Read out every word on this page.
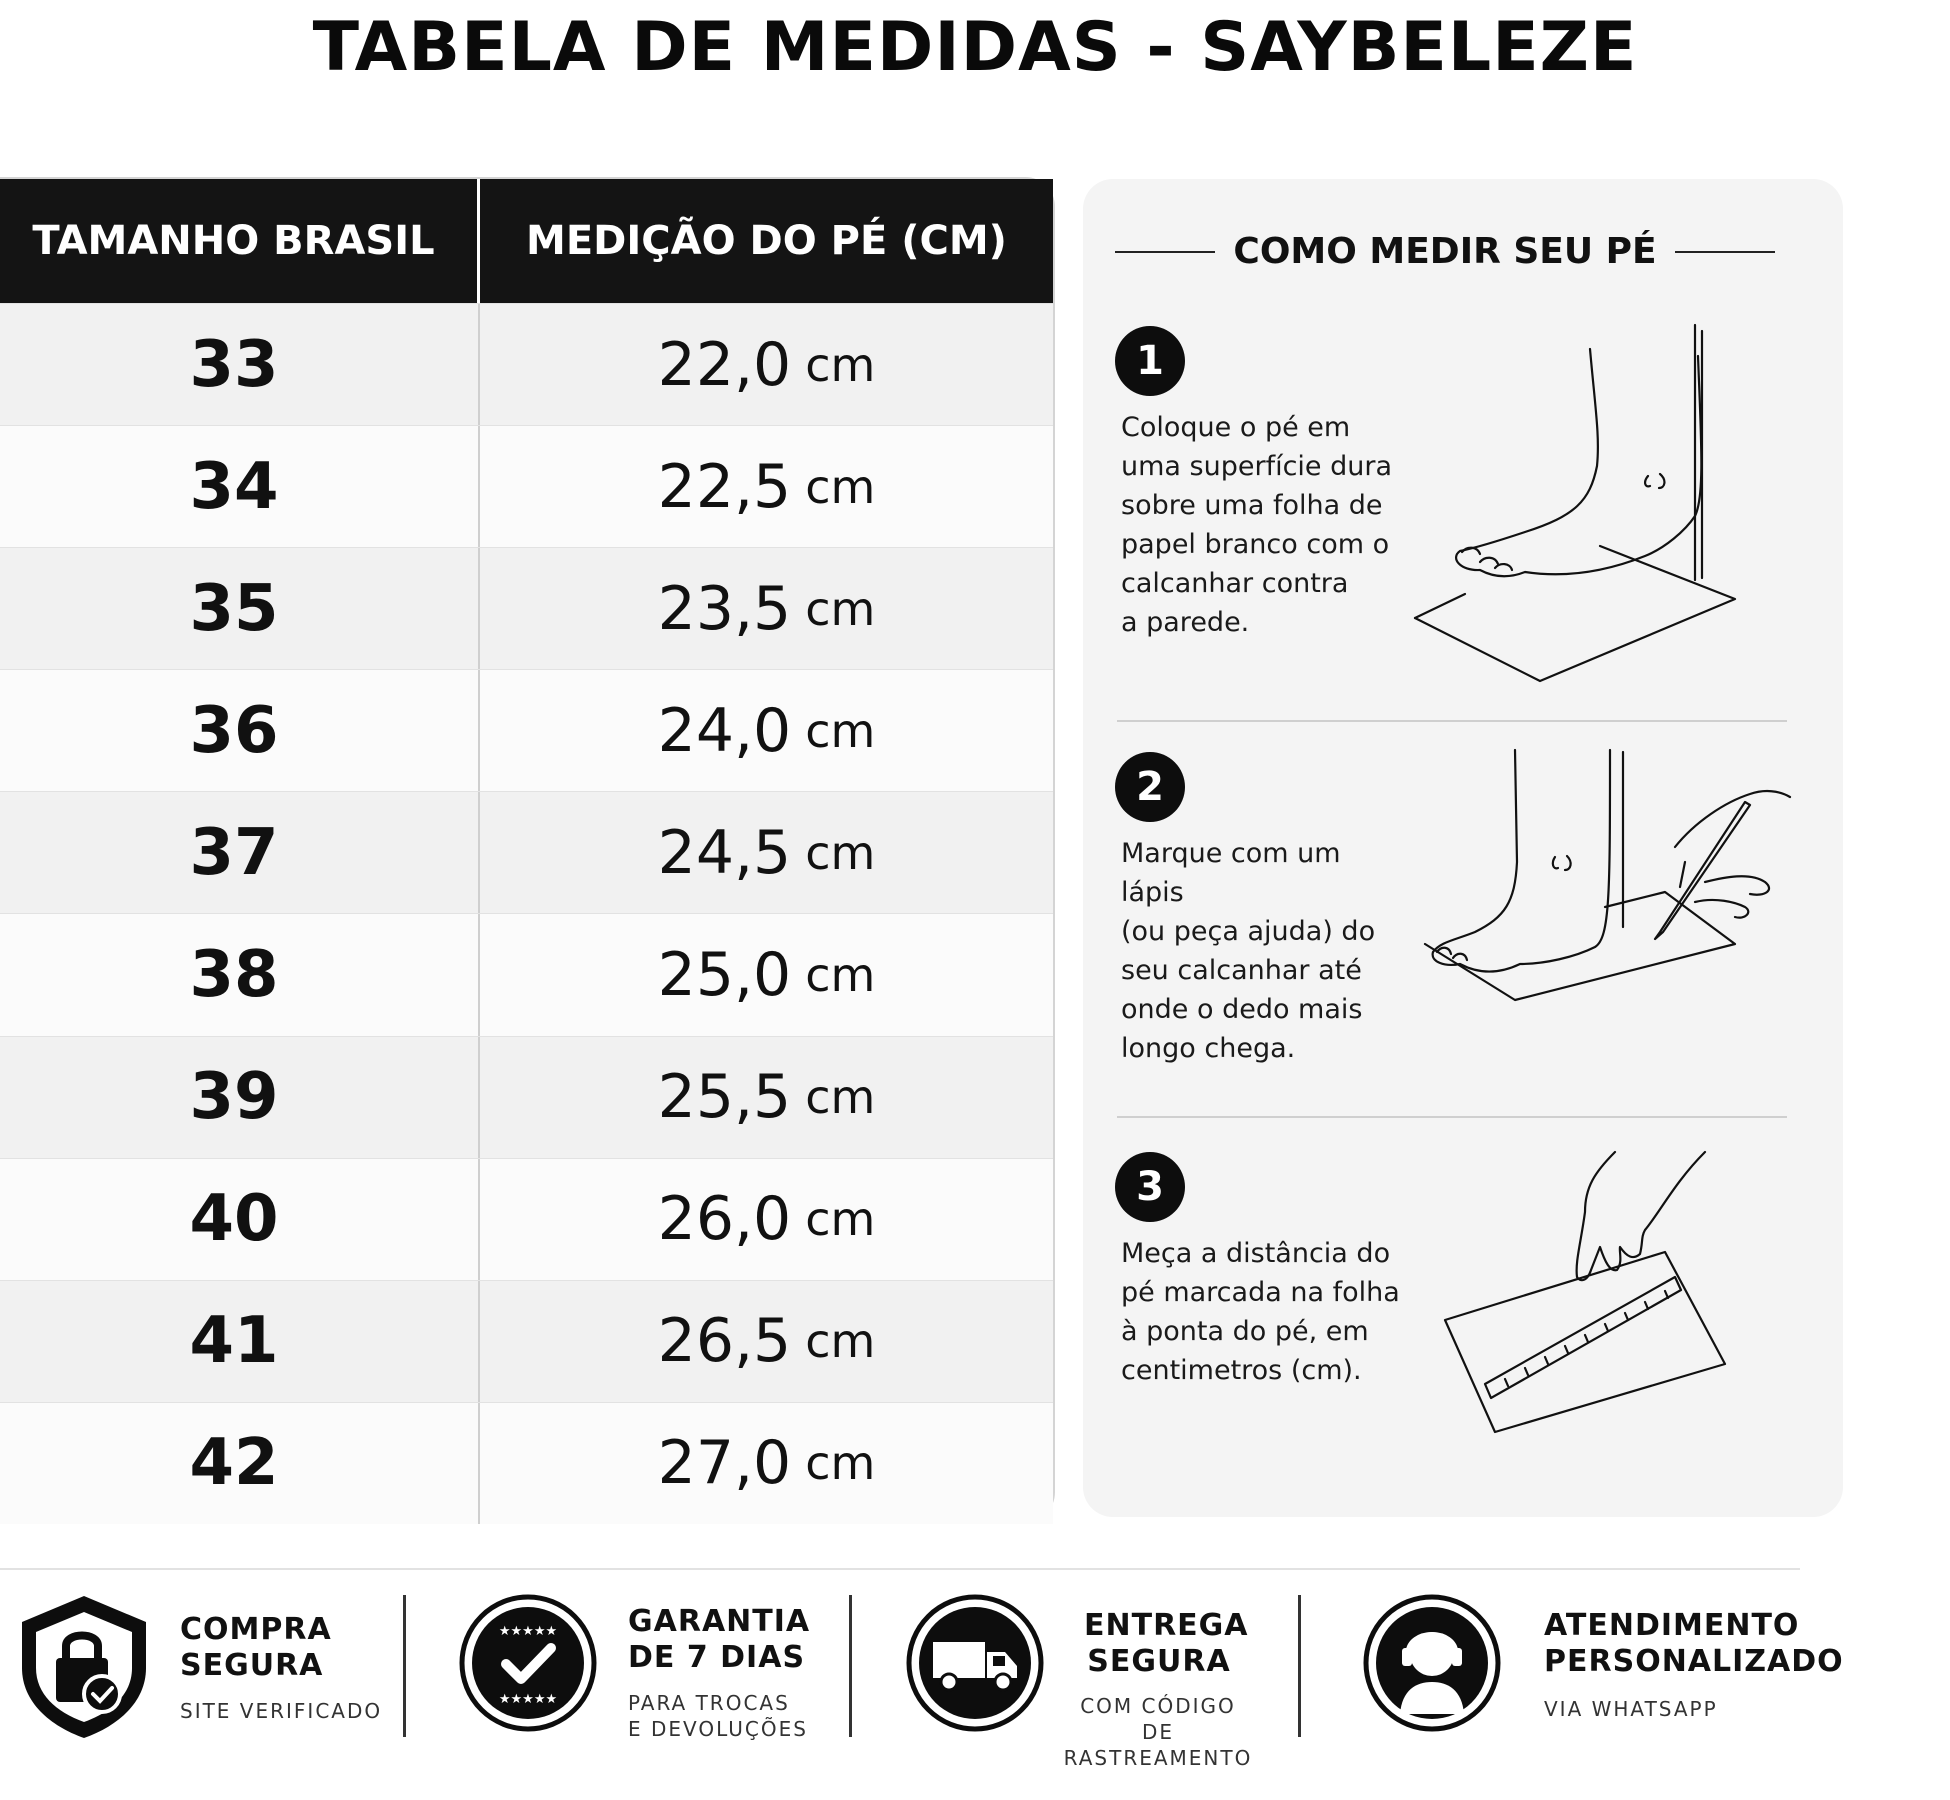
TABELA DE MEDIDAS - SAYBELEZE
TAMANHO BRASIL	MEDIÇÃO DO PÉ (CM)
33	22,0 cm
34	22,5 cm
35	23,5 cm
36	24,0 cm
37	24,5 cm
38	25,0 cm
39	25,5 cm
40	26,0 cm
41	26,5 cm
42	27,0 cm
COMO MEDIR SEU PÉ
1
Coloque o pé em
uma superfície dura
sobre uma folha de
papel branco com o
calcanhar contra
a parede.
2
Marque com um lápis
(ou peça ajuda) do
seu calcanhar até
onde o dedo mais
longo chega.
3
Meça a distância do
pé marcada na folha
à ponta do pé, em
centimetros (cm).
COMPRA
SEGURA
SITE VERIFICADO
★★★★★
★★★★★
GARANTIA
DE 7 DIAS
PARA TROCAS
E DEVOLUÇÕES
ENTREGA
SEGURA
COM CÓDIGO DE
RASTREAMENTO
ATENDIMENTO
PERSONALIZADO
VIA WHATSAPP
